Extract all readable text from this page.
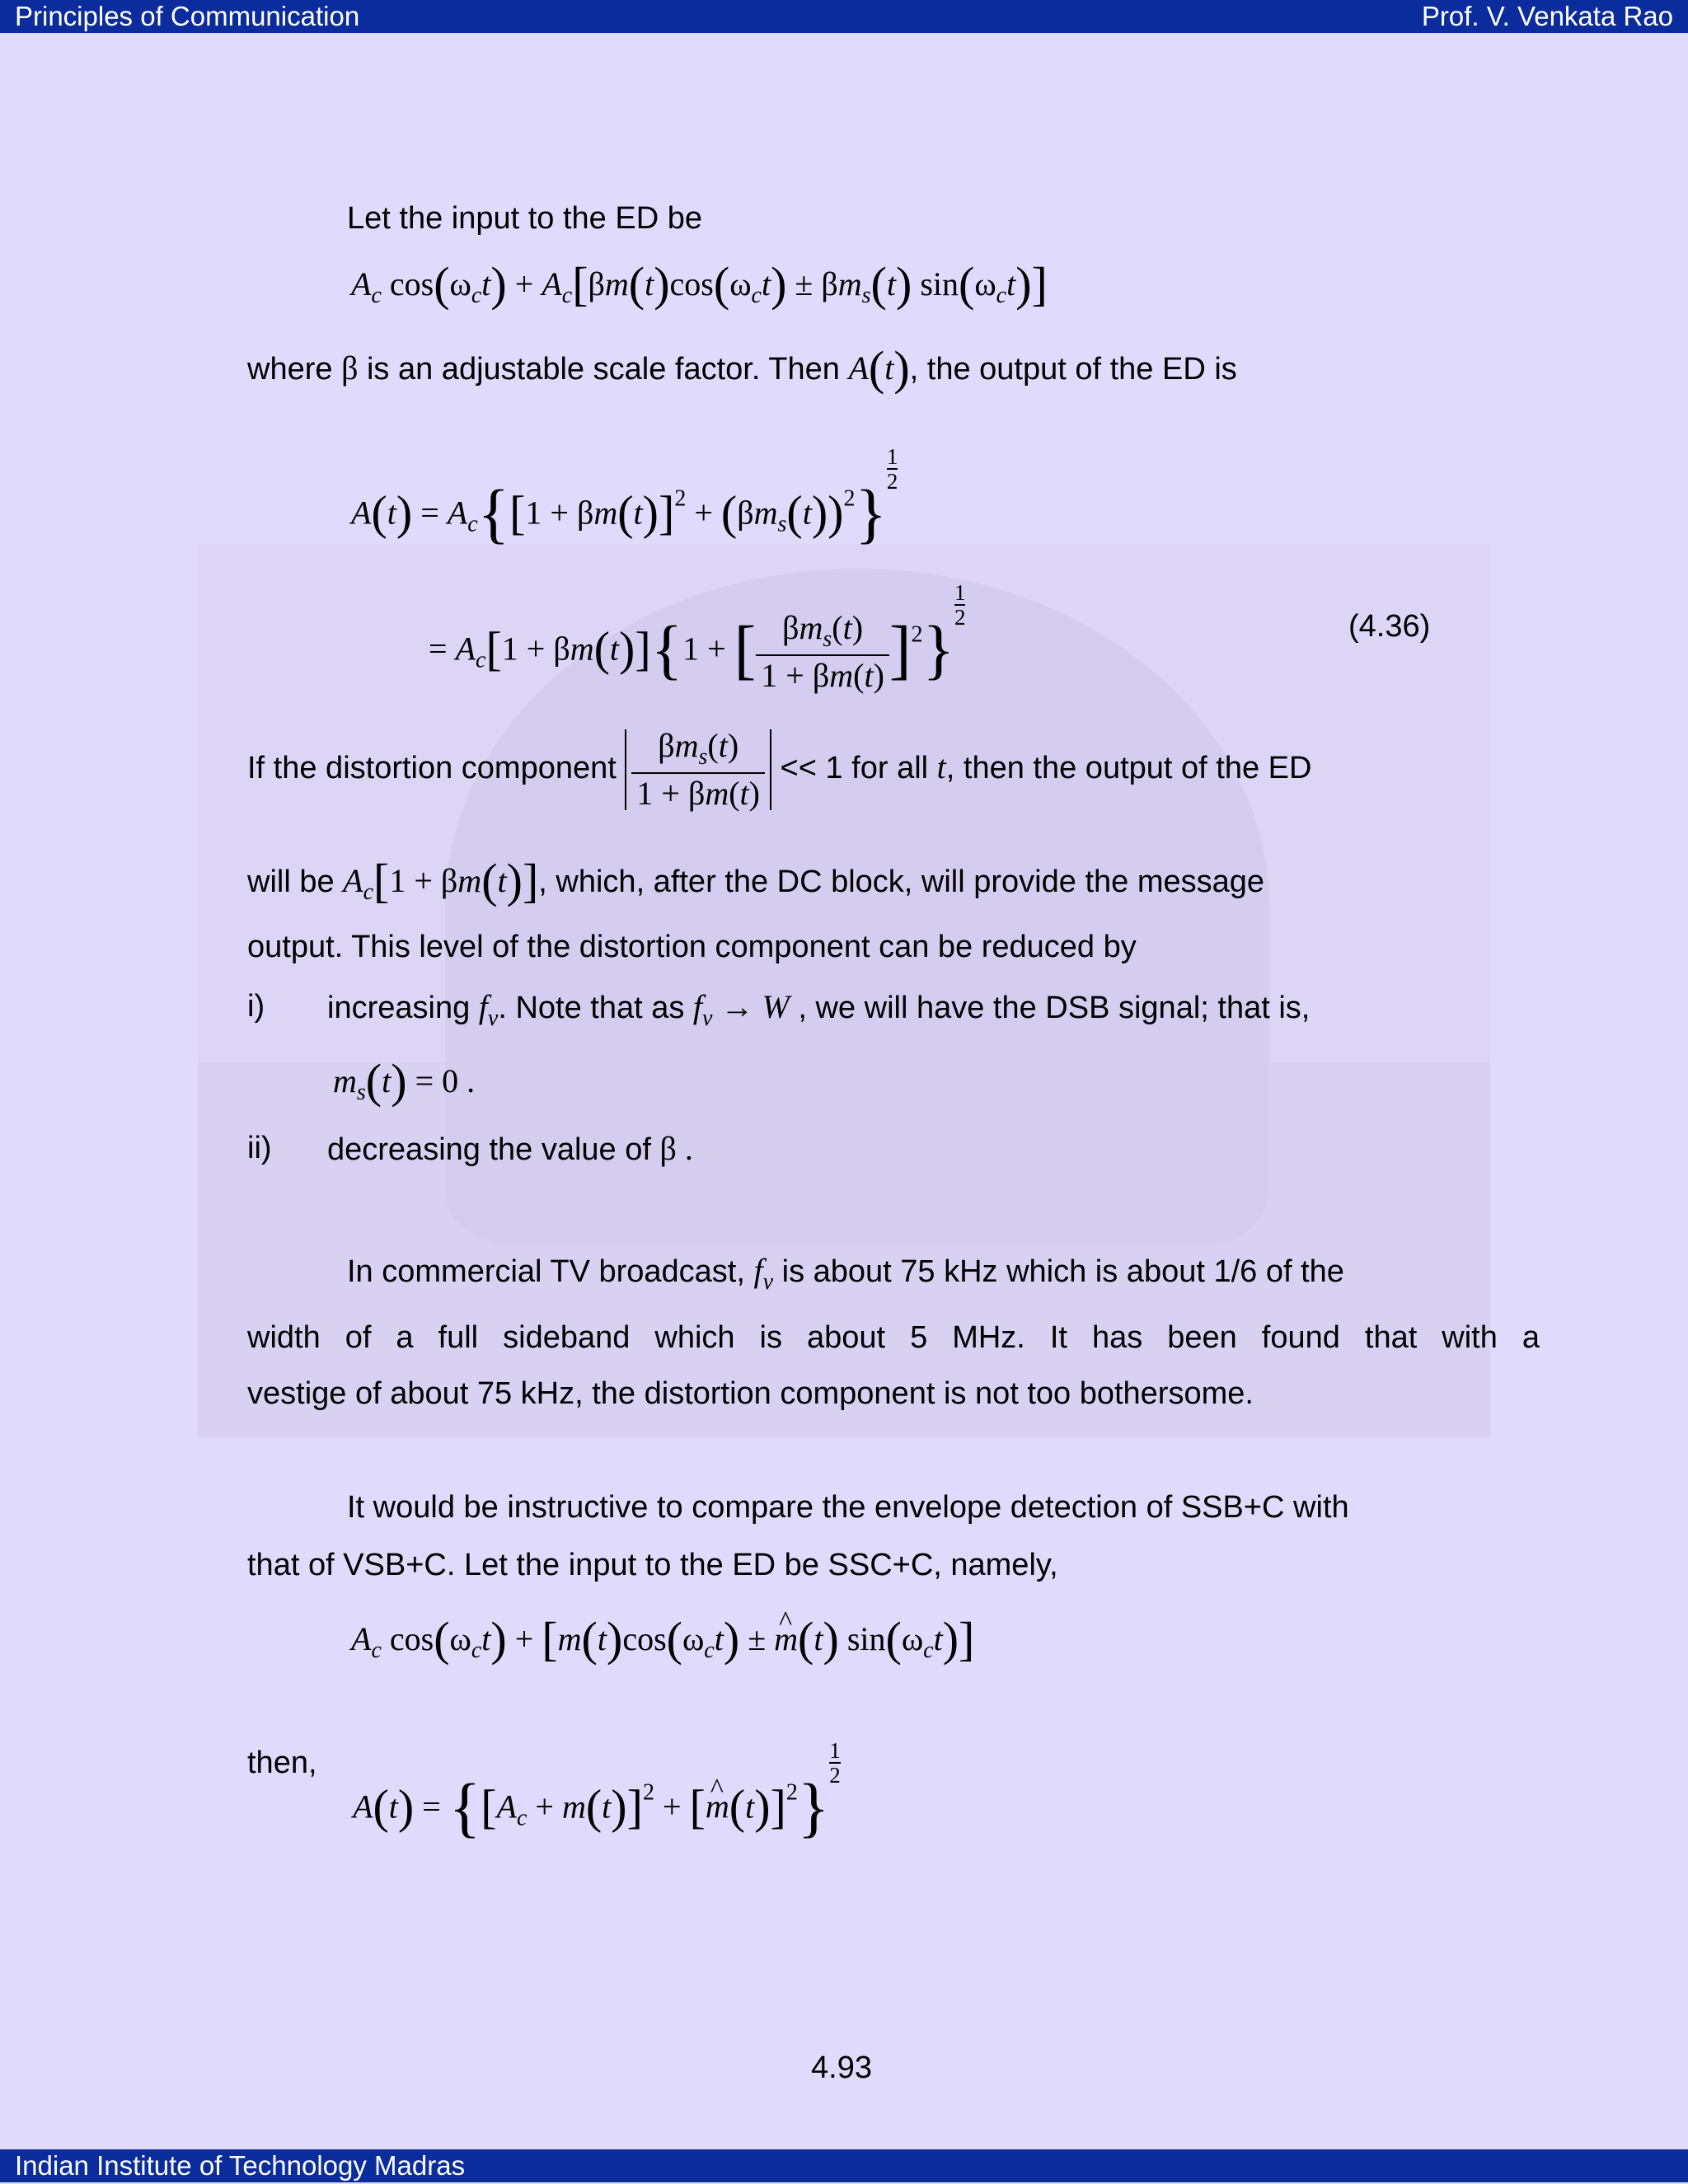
Principles of Communication	Prof. V. Venkata Rao
Let the input to the ED be
$A_c$ $\cos(\omega_ct) + A_c[\beta m(t)\cos(\omega_ct) \pm \beta m_s(t)$ $\sin(\omega_ct)$]
where β is an adjustable scale factor. Then A(t), the output of the ED is
$A(t) = A_c\{[1 + \beta m(t)]^2 + (\beta m_s(t))^2\}\frac{1}{2}$
= $A_c[1 + \beta m(t)]\{1$ + [ $\frac{\beta m_s(t)}{1 + \beta m(t)} ]^2\}\frac{1}{2}$	(4.36)
If the distortion component $\frac{\beta m_s(t)}{1 + \beta m(t)} << 1$ for all t, then the output of the ED
will be $A_c[1 + \beta m(t)]$, which, after the DC block, will provide the message
output. This level of the distortion component can be reduced by
i) increasing $f_v$. Note that as $f_v \to W$ , we will have the DSB signal; that is,
$m_s(t) = 0$ .
ii) decreasing the value of β .
In commercial TV broadcast, $f_v$ is about 75 kHz which is about 1/6 of the
width of a full sideband which is about 5 MHz. It has been found that with a
vestige of about 75 kHz, the distortion component is not too bothersome.
It would be instructive to compare the envelope detection of SSB+C with
that of VSB+C. Let the input to the ED be SSC+C, namely,
$A_c$ $\cos(\omega_ct) + [m(t)\cos(\omega_ct)$ ± ^ m(t) $\sin(\omega_ct)$]
then,
$A(t) = \{[A_c + m(t)]^2$ + [^ $m(t)]^2\}\frac{1}{2}$
4.93
Indian Institute of Technology Madras
